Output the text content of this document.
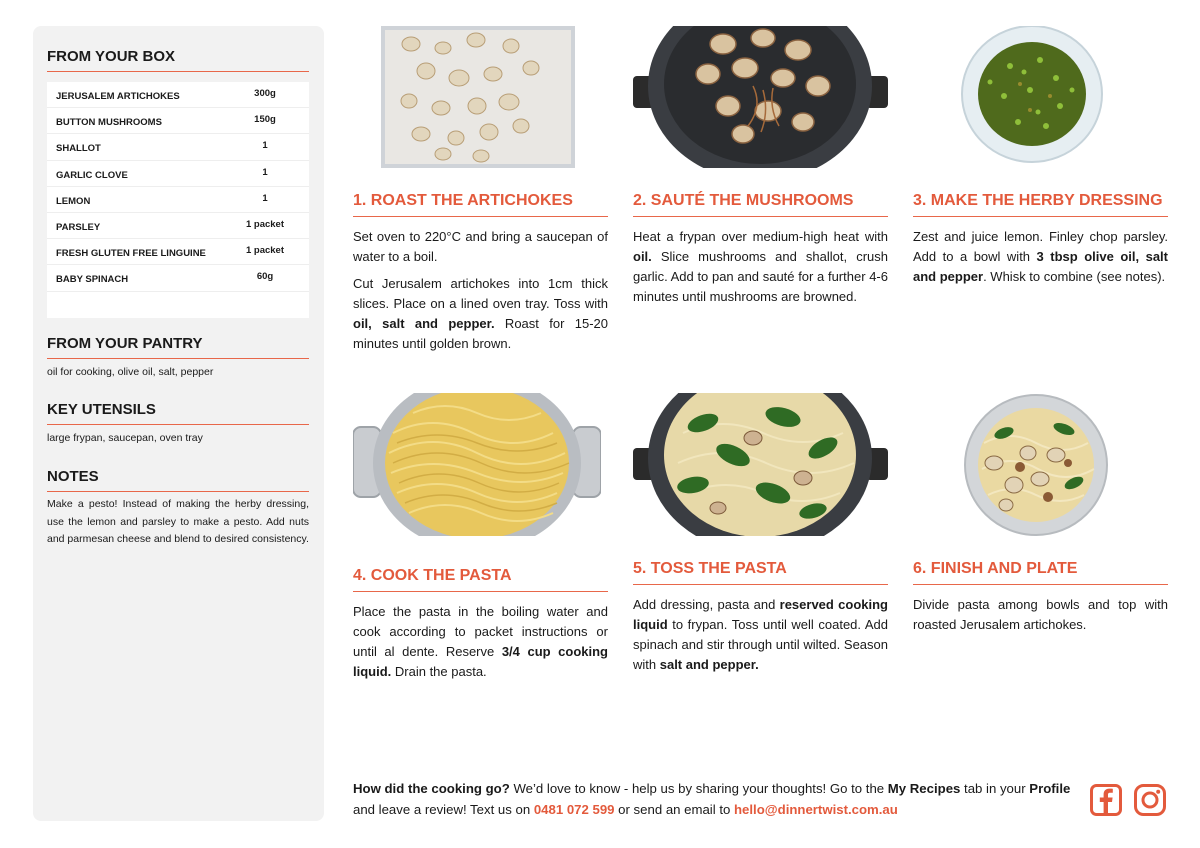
FROM YOUR BOX
JERUSALEM ARTICHOKES	300g
BUTTON MUSHROOMS	150g
SHALLOT	1
GARLIC CLOVE	1
LEMON	1
PARSLEY	1 packet
FRESH GLUTEN FREE LINGUINE	1 packet
BABY SPINACH	60g
FROM YOUR PANTRY
oil for cooking, olive oil, salt, pepper
KEY UTENSILS
large frypan, saucepan, oven tray
NOTES
Make a pesto! Instead of making the herby dressing, use the lemon and parsley to make a pesto. Add nuts and parmesan cheese and blend to desired consistency.
1. ROAST THE ARTICHOKES

Set oven to 220°C and bring a saucepan of water to a boil.

Cut Jerusalem artichokes into 1cm thick slices. Place on a lined oven tray. Toss with oil, salt and pepper. Roast for 15-20 minutes until golden brown.

2. SAUTÉ THE MUSHROOMS

Heat a frypan over medium-high heat with oil. Slice mushrooms and shallot, crush garlic. Add to pan and sauté for a further 4-6 minutes until mushrooms are browned.

3. MAKE THE HERBY DRESSING

Zest and juice lemon. Finley chop parsley. Add to a bowl with 3 tbsp olive oil, salt and pepper. Whisk to combine (see notes).

4. COOK THE PASTA

Place the pasta in the boiling water and cook according to packet instructions or until al dente. Reserve 3/4 cup cooking liquid. Drain the pasta.

5. TOSS THE PASTA

Add dressing, pasta and reserved cooking liquid to frypan. Toss until well coated. Add spinach and stir through until wilted. Season with salt and pepper.

6. FINISH AND PLATE

Divide pasta among bowls and top with roasted Jerusalem artichokes.

How did the cooking go? We’d love to know - help us by sharing your thoughts! Go to the My Recipes tab in your Profile and leave a review! Text us on 0481 072 599 or send an email to hello@dinnertwist.com.au
